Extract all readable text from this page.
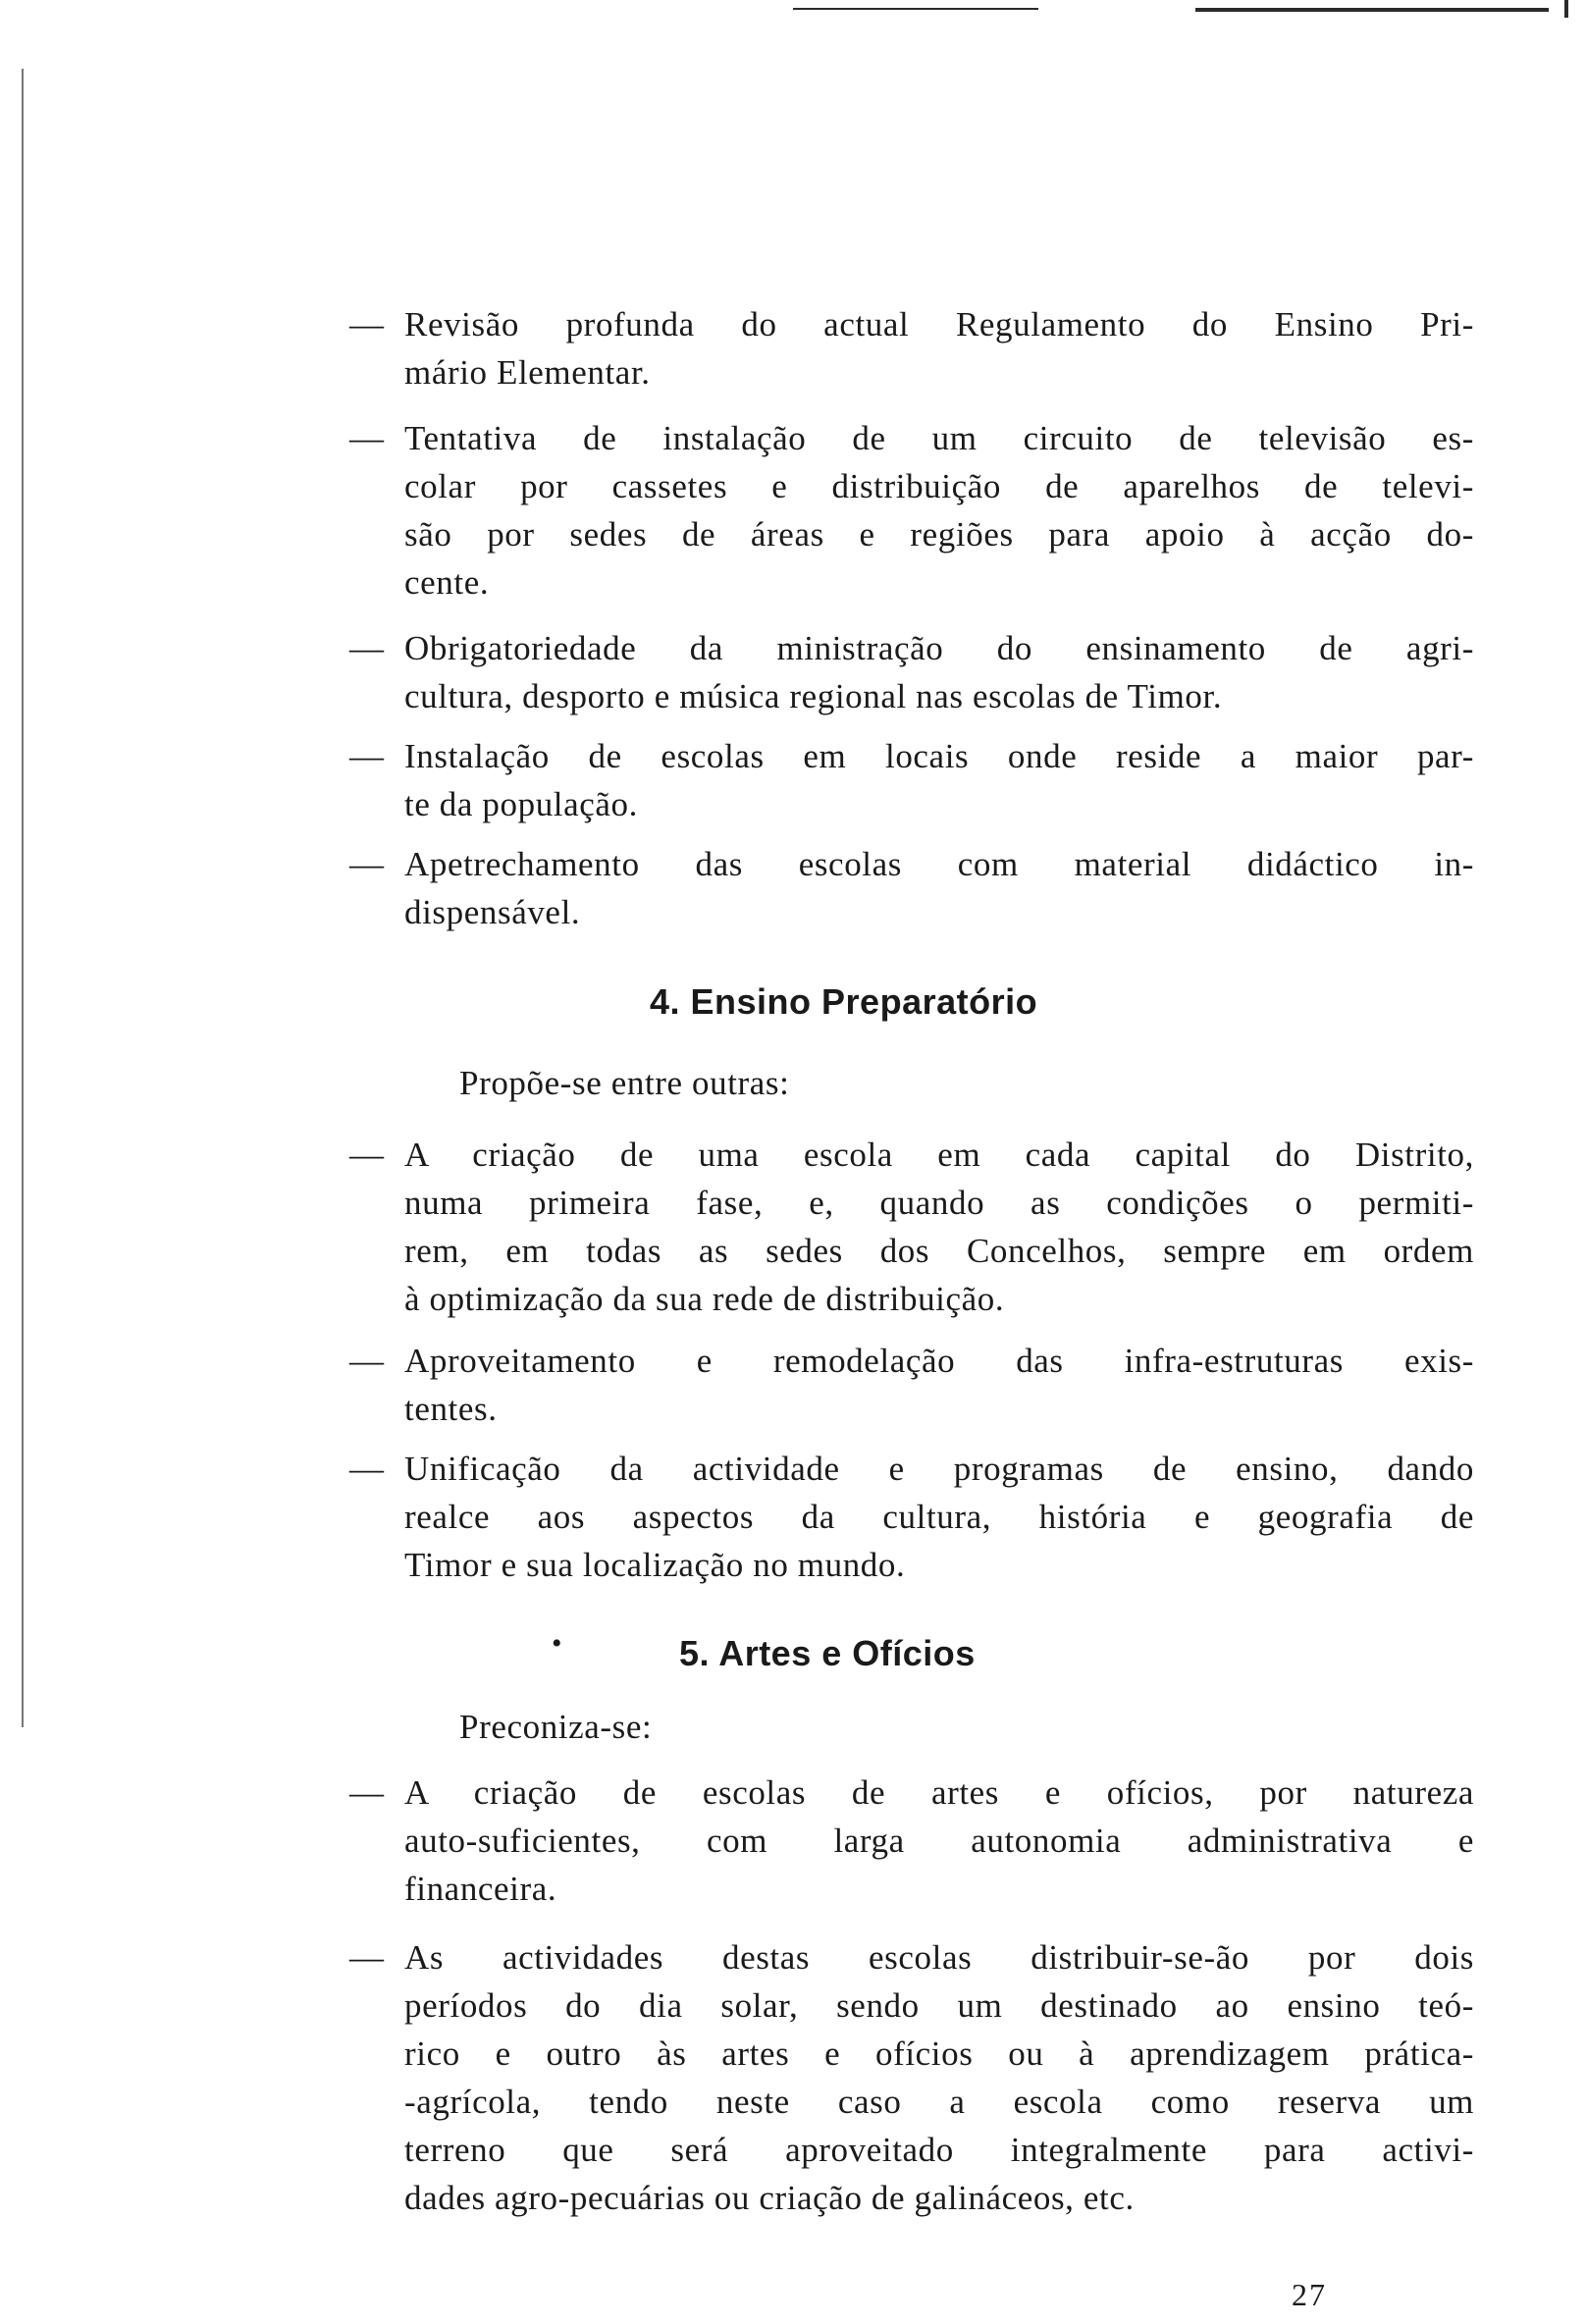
— Revisão profunda do actual Regulamento do Ensino Pri-
mário Elementar.
— Tentativa de instalação de um circuito de televisão es-
colar por cassetes e distribuição de aparelhos de televi-
são por sedes de áreas e regiões para apoio à acção do-
cente.
— Obrigatoriedade da ministração do ensinamento de agri-
cultura, desporto e música regional nas escolas de Timor.
— Instalação de escolas em locais onde reside a maior par-
te da população.
— Apetrechamento das escolas com material didáctico in-
dispensável.
4. Ensino Preparatório
Propõe-se entre outras:
— A criação de uma escola em cada capital do Distrito,
numa primeira fase, e, quando as condições o permiti-
rem, em todas as sedes dos Concelhos, sempre em ordem
à optimização da sua rede de distribuição.
— Aproveitamento e remodelação das infra-estruturas exis-
tentes.
— Unificação da actividade e programas de ensino, dando
realce aos aspectos da cultura, história e geografia de
Timor e sua localização no mundo.
•	5. Artes e Ofícios
Preconiza-se:
— A criação de escolas de artes e ofícios, por natureza
auto-suficientes, com larga autonomia administrativa e
financeira.
— As actividades destas escolas distribuir-se-ão por dois
períodos do dia solar, sendo um destinado ao ensino teó-
rico e outro às artes e ofícios ou à aprendizagem prática-
-agrícola, tendo neste caso a escola como reserva um
terreno que será aproveitado integralmente para activi-
dades agro-pecuárias ou criação de galináceos, etc.
27
